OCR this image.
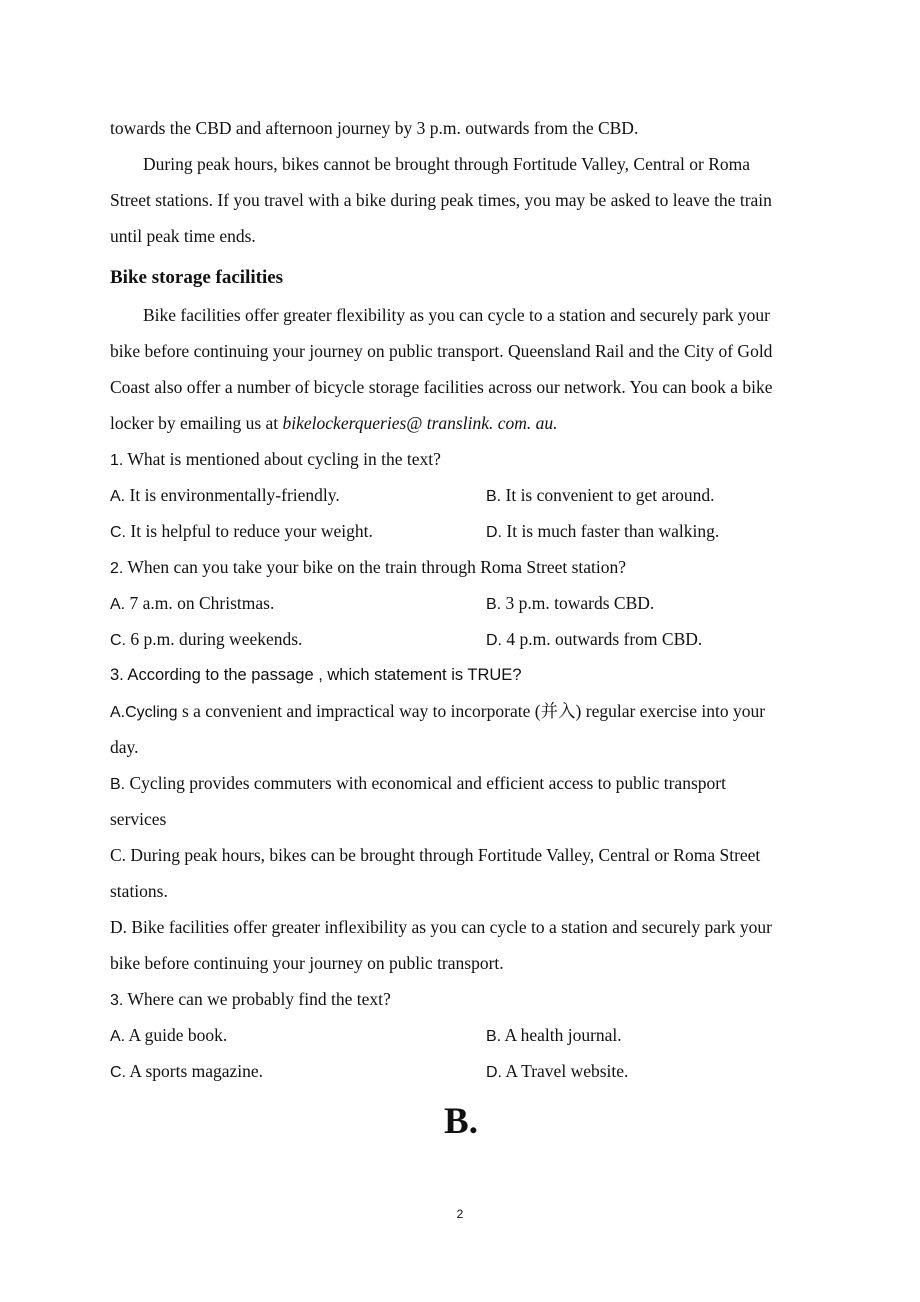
towards the CBD and afternoon journey by 3 p.m. outwards from the CBD.
During peak hours, bikes cannot be brought through Fortitude Valley, Central or Roma
Street stations. If you travel with a bike during peak times, you may be asked to leave the train
until peak time ends.
Bike storage facilities
Bike facilities offer greater flexibility as you can cycle to a station and securely park your
bike before continuing your journey on public transport. Queensland Rail and the City of Gold
Coast also offer a number of bicycle storage facilities across our network. You can book a bike
locker by emailing us at bikelockerqueries@ translink. com. au.
1. What is mentioned about cycling in the text?
A. It is environmentally-friendly.	B. It is convenient to get around.
C. It is helpful to reduce your weight.	D. It is much faster than walking.
2. When can you take your bike on the train through Roma Street station?
A. 7 a.m. on Christmas.	B. 3 p.m. towards CBD.
C. 6 p.m. during weekends.	D. 4 p.m. outwards from CBD.
3. According to the passage , which statement is TRUE?
A.Cycling s a convenient and impractical way to incorporate (并入) regular exercise into your
day.
B. Cycling provides commuters with economical and efficient access to public transport
services
C. During peak hours, bikes can be brought through Fortitude Valley, Central or Roma Street
stations.
D. Bike facilities offer greater inflexibility as you can cycle to a station and securely park your
bike before continuing your journey on public transport.
3. Where can we probably find the text?
A. A guide book.	B. A health journal.
C. A sports magazine.	D. A Travel website.
B.
2
